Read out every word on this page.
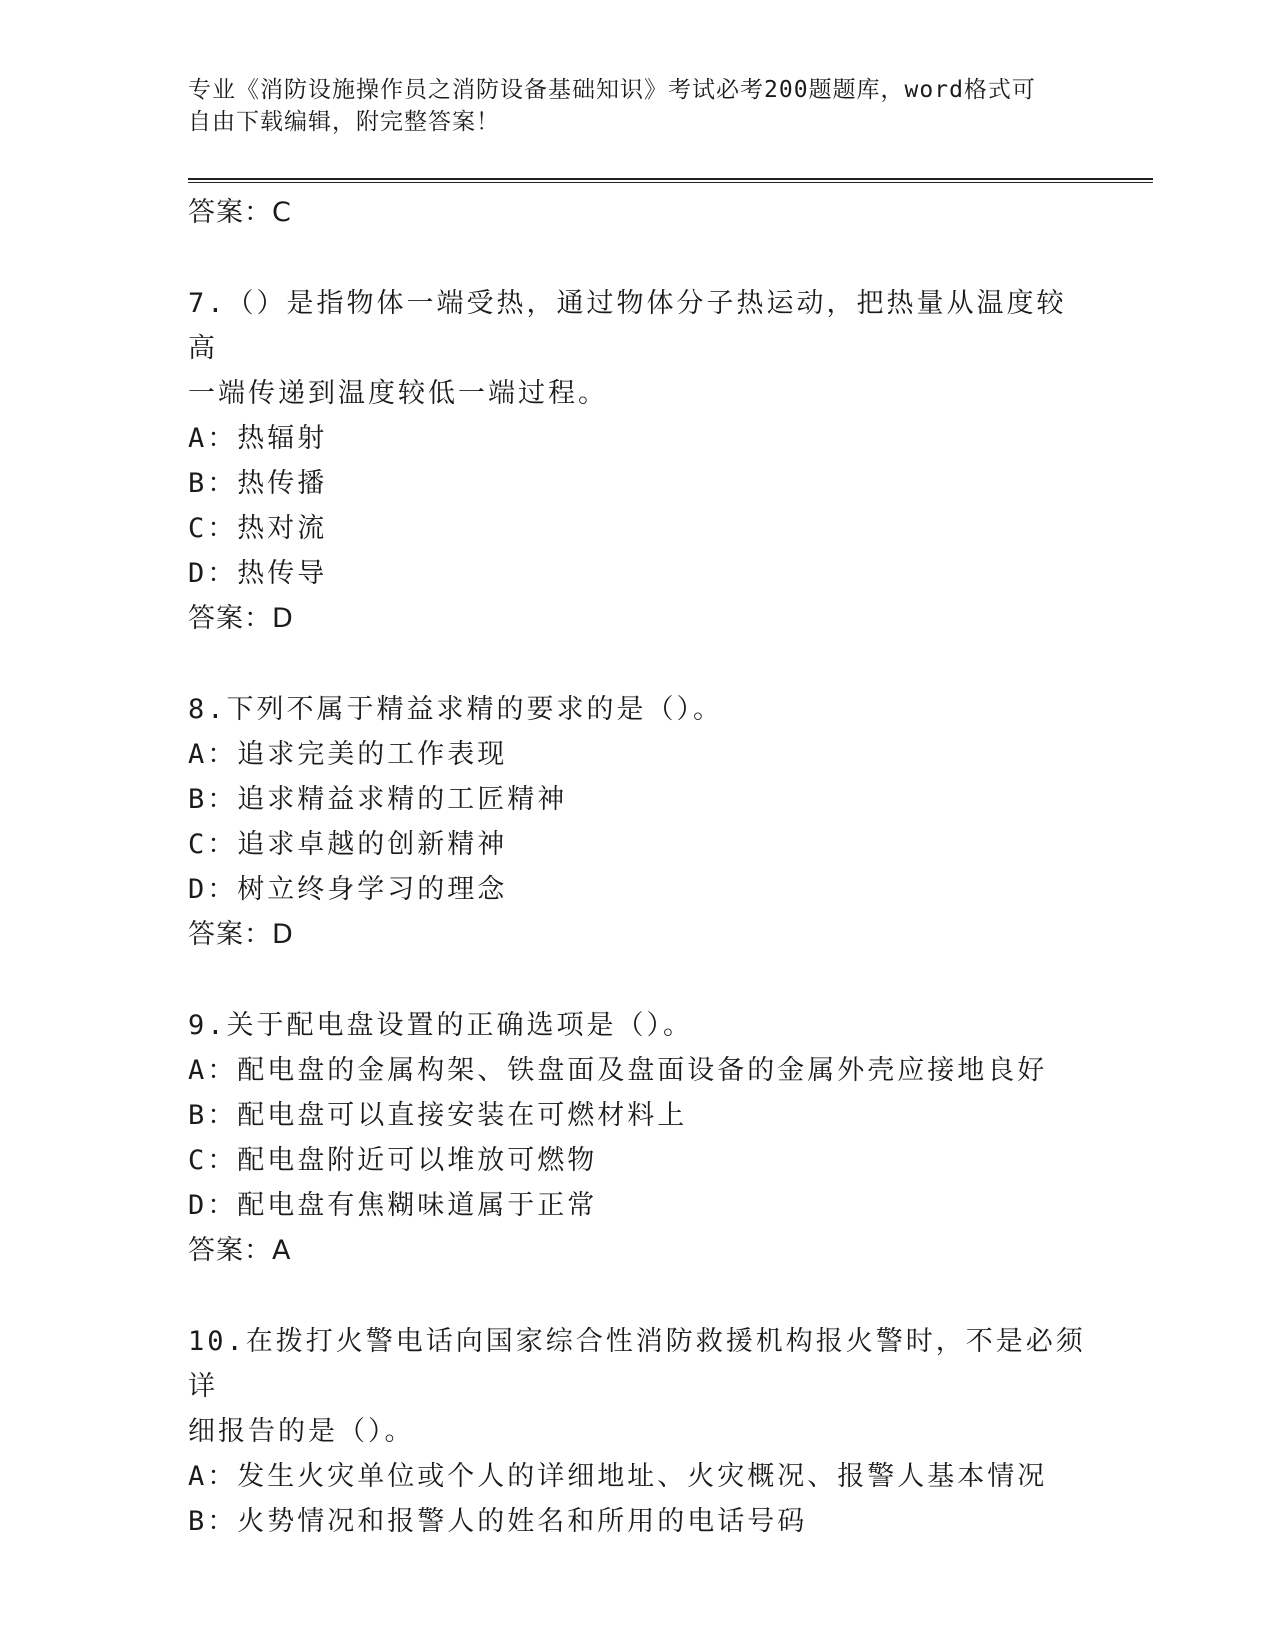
专业《消防设施操作员之消防设备基础知识》考试必考200题题库，word格式可
自由下载编辑，附完整答案！
答案：C
7.（）是指物体一端受热，通过物体分子热运动，把热量从温度较高
一端传递到温度较低一端过程。
A：热辐射
B：热传播
C：热对流
D：热传导
答案：D
8.下列不属于精益求精的要求的是（）。
A：追求完美的工作表现
B：追求精益求精的工匠精神
C：追求卓越的创新精神
D：树立终身学习的理念
答案：D
9.关于配电盘设置的正确选项是（）。
A：配电盘的金属构架、铁盘面及盘面设备的金属外壳应接地良好
B：配电盘可以直接安装在可燃材料上
C：配电盘附近可以堆放可燃物
D：配电盘有焦糊味道属于正常
答案：A
10.在拨打火警电话向国家综合性消防救援机构报火警时，不是必须详
细报告的是（）。
A：发生火灾单位或个人的详细地址、火灾概况、报警人基本情况
B：火势情况和报警人的姓名和所用的电话号码
